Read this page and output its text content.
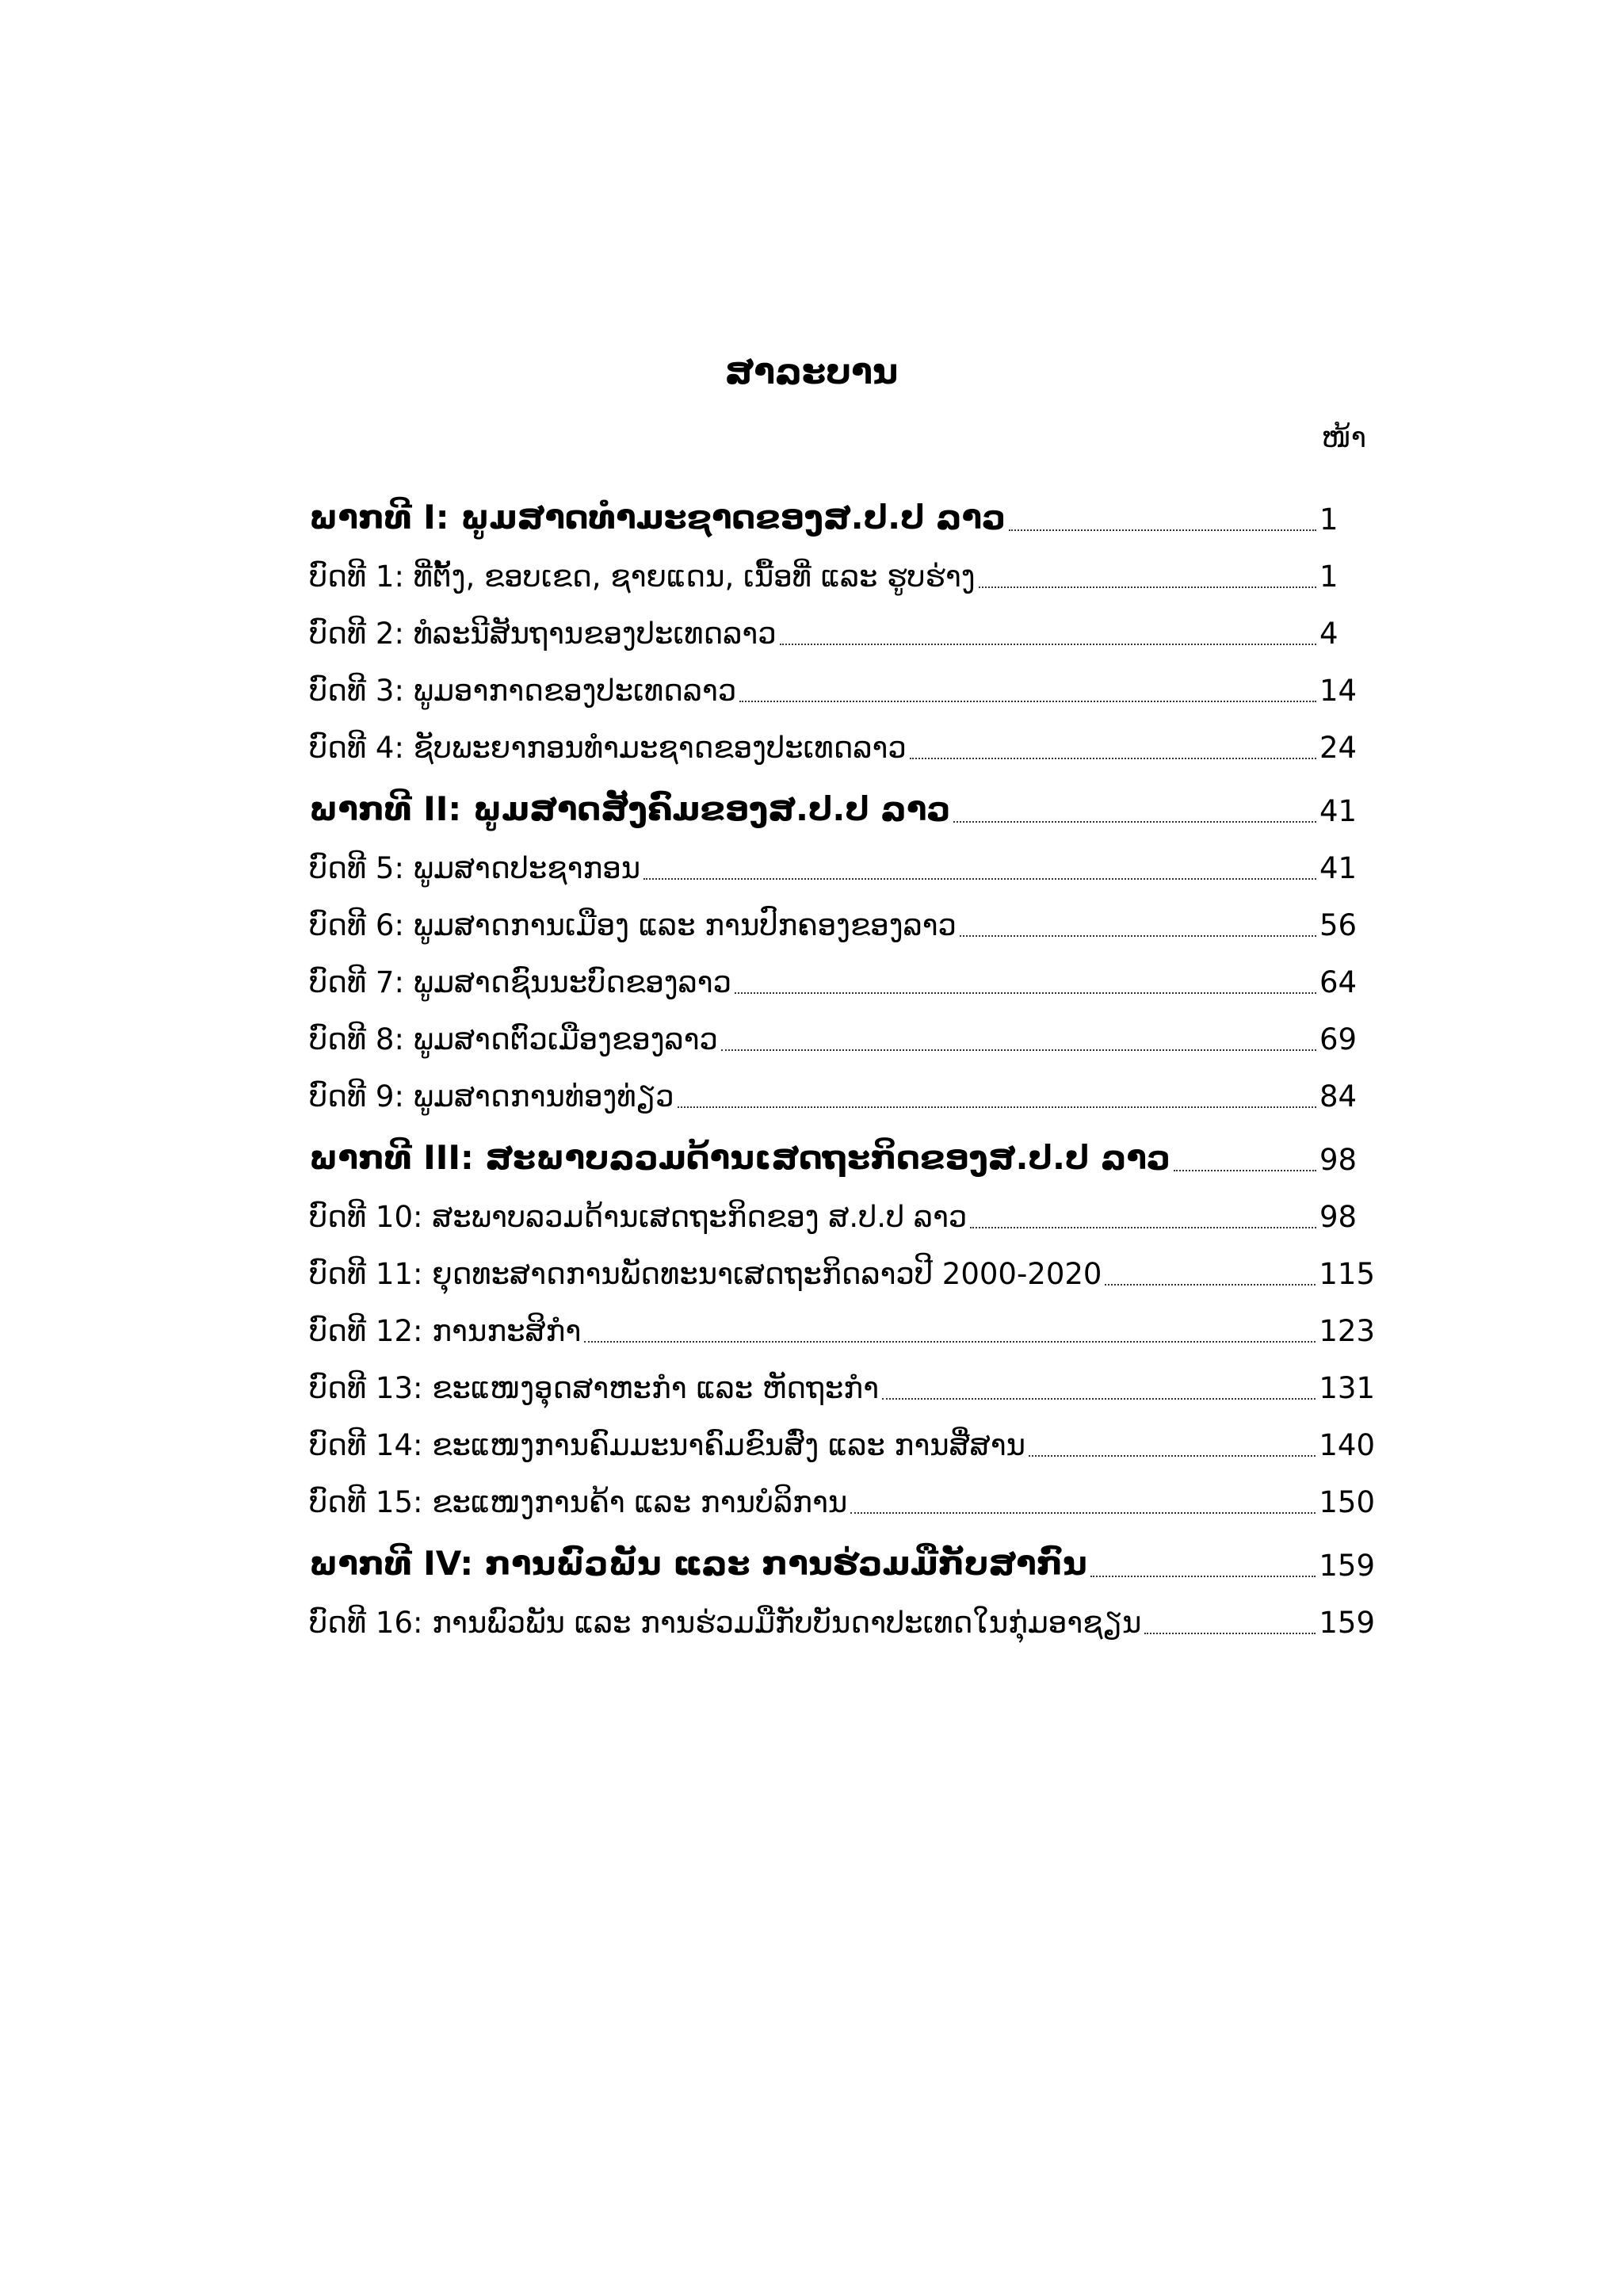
ສາລະບານ
ໜ້າ
ພາກທີ I: ພູມສາດທຳມະຊາດຂອງສ.ປ.ປ ລາວ	1
ບົດທີ 1: ທີ່ຕັ້ງ, ຂອບເຂດ, ຊາຍແດນ, ເນື້ອທີ່ ແລະ ຮູບຮ່າງ	1
ບົດທີ 2: ທໍລະນີສັນຖານຂອງປະເທດລາວ	4
ບົດທີ 3: ພູມອາກາດຂອງປະເທດລາວ	14
ບົດທີ 4: ຊັບພະຍາກອນທຳມະຊາດຂອງປະເທດລາວ	24
ພາກທີ II: ພູມສາດສັງຄົມຂອງສ.ປ.ປ ລາວ	41
ບົດທີ 5: ພູມສາດປະຊາກອນ	41
ບົດທີ 6: ພູມສາດການເມືອງ ແລະ ການປົກຄອງຂອງລາວ	56
ບົດທີ 7: ພູມສາດຊົນນະບົດຂອງລາວ	64
ບົດທີ 8: ພູມສາດຕົວເມືອງຂອງລາວ	69
ບົດທີ 9: ພູມສາດການທ່ອງທ່ຽວ	84
ພາກທີ III: ສະພາບລວມດ້ານເສດຖະກິດຂອງສ.ປ.ປ ລາວ	98
ບົດທີ 10: ສະພາບລວມດ້ານເສດຖະກິດຂອງ ສ.ປ.ປ ລາວ	98
ບົດທີ 11: ຍຸດທະສາດການພັດທະນາເສດຖະກິດລາວປີ 2000-2020	115
ບົດທີ 12: ການກະສິກຳ	123
ບົດທີ 13: ຂະແໜງອຸດສາຫະກຳ ແລະ ຫັດຖະກຳ	131
ບົດທີ 14: ຂະແໜງການຄົມມະນາຄົມຂົນສົ່ງ ແລະ ການສື່ສານ	140
ບົດທີ 15: ຂະແໜງການຄ້າ ແລະ ການບໍລິການ	150
ພາກທີ IV: ການພົວພັນ ແລະ ການຮ່ວມມືກັບສາກົນ	159
ບົດທີ 16: ການພົວພັນ ແລະ ການຮ່ວມມືກັບບັນດາປະເທດໃນກຸ່ມອາຊຽນ	159
